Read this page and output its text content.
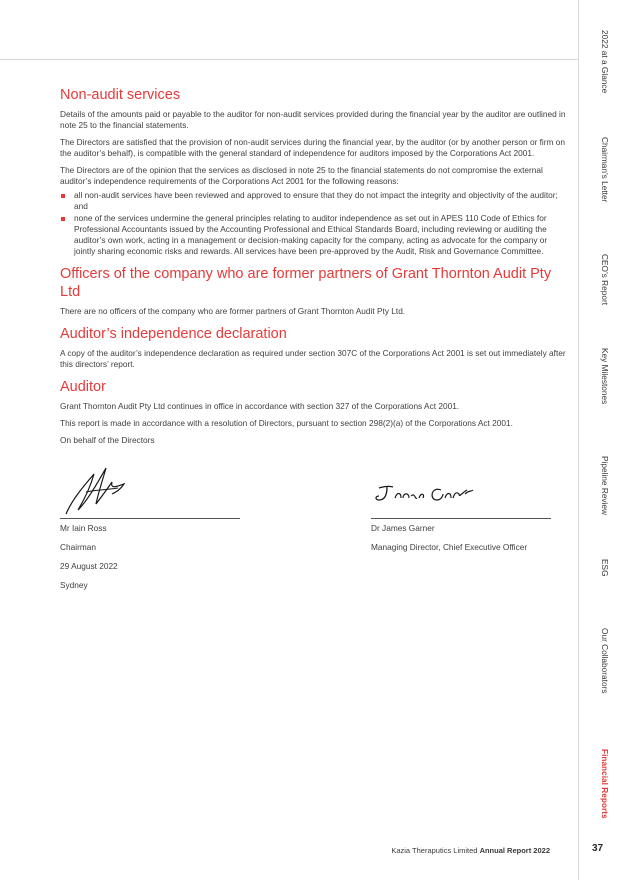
Non-audit services

Details of the amounts paid or payable to the auditor for non-audit services provided during the financial year by the auditor are outlined in note 25 to the financial statements.

The Directors are satisfied that the provision of non-audit services during the financial year, by the auditor (or by another person or firm on the auditor’s behalf), is compatible with the general standard of independence for auditors imposed by the Corporations Act 2001.

The Directors are of the opinion that the services as disclosed in note 25 to the financial statements do not compromise the external auditor’s independence requirements of the Corporations Act 2001 for the following reasons:

all non-audit services have been reviewed and approved to ensure that they do not impact the integrity and objectivity of the auditor; and
none of the services undermine the general principles relating to auditor independence as set out in APES 110 Code of Ethics for Professional Accountants issued by the Accounting Professional and Ethical Standards Board, including reviewing or auditing the auditor’s own work, acting in a management or decision-making capacity for the company, acting as advocate for the company or jointly sharing economic risks and rewards. All services have been pre-approved by the Audit, Risk and Governance Committee.
Officers of the company who are former partners of Grant Thornton Audit Pty Ltd

There are no officers of the company who are former partners of Grant Thornton Audit Pty Ltd.

Auditor’s independence declaration

A copy of the auditor’s independence declaration as required under section 307C of the Corporations Act 2001 is set out immediately after this directors’ report.

Auditor

Grant Thornton Audit Pty Ltd continues in office in accordance with section 327 of the Corporations Act 2001.

This report is made in accordance with a resolution of Directors, pursuant to section 298(2)(a) of the Corporations Act 2001.

On behalf of the Directors

Mr Iain Ross
Chairman
29 August 2022
Sydney
Dr James Garner
Managing Director, Chief Executive Officer
2022 at a Glance
Chairman’s Letter
CEO’s Report
Key Milestones
Pipeline Review
ESG
Our Collaborators
Financial Reports
Kazia Theraputics Limited Annual Report 2022	37
